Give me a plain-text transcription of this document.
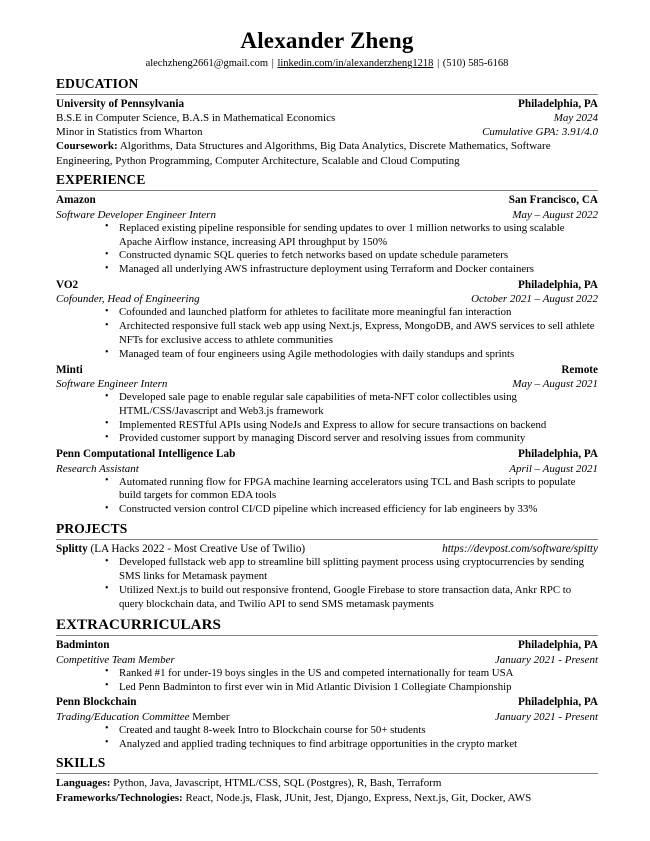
Alexander Zheng
alechzheng2661@gmail.com | linkedin.com/in/alexanderzheng1218 | (510) 585-6168
EDUCATION
University of Pennsylvania	Philadelphia, PA
B.S.E in Computer Science, B.A.S in Mathematical Economics	May 2024
Minor in Statistics from Wharton	Cumulative GPA: 3.91/4.0
Coursework: Algorithms, Data Structures and Algorithms, Big Data Analytics, Discrete Mathematics, Software Engineering, Python Programming, Computer Architecture, Scalable and Cloud Computing
EXPERIENCE
Amazon	San Francisco, CA
Software Developer Engineer Intern	May – August 2022
• Replaced existing pipeline responsible for sending updates to over 1 million networks to using scalable Apache Airflow instance, increasing API throughput by 150%
• Constructed dynamic SQL queries to fetch networks based on update schedule parameters
• Managed all underlying AWS infrastructure deployment using Terraform and Docker containers
VO2	Philadelphia, PA
Cofounder, Head of Engineering	October 2021 – August 2022
• Cofounded and launched platform for athletes to facilitate more meaningful fan interaction
• Architected responsive full stack web app using Next.js, Express, MongoDB, and AWS services to sell athlete NFTs for exclusive access to athlete communities
• Managed team of four engineers using Agile methodologies with daily standups and sprints
Minti	Remote
Software Engineer Intern	May – August 2021
• Developed sale page to enable regular sale capabilities of meta-NFT color collectibles using HTML/CSS/Javascript and Web3.js framework
• Implemented RESTful APIs using NodeJs and Express to allow for secure transactions on backend
• Provided customer support by managing Discord server and resolving issues from community
Penn Computational Intelligence Lab	Philadelphia, PA
Research Assistant	April – August 2021
• Automated running flow for FPGA machine learning accelerators using TCL and Bash scripts to populate build targets for common EDA tools
• Constructed version control CI/CD pipeline which increased efficiency for lab engineers by 33%
PROJECTS
Splitty (LA Hacks 2022 - Most Creative Use of Twilio)	https://devpost.com/software/spitty
• Developed fullstack web app to streamline bill splitting payment process using cryptocurrencies by sending SMS links for Metamask payment
• Utilized Next.js to build out responsive frontend, Google Firebase to store transaction data, Ankr RPC to query blockchain data, and Twilio API to send SMS metamask payments
EXTRACURRICULARS
Badminton	Philadelphia, PA
Competitive Team Member	January 2021 - Present
• Ranked #1 for under-19 boys singles in the US and competed internationally for team USA
• Led Penn Badminton to first ever win in Mid Atlantic Division 1 Collegiate Championship
Penn Blockchain	Philadelphia, PA
Trading/Education Committee Member	January 2021 - Present
• Created and taught 8-week Intro to Blockchain course for 50+ students
• Analyzed and applied trading techniques to find arbitrage opportunities in the crypto market
SKILLS
Languages: Python, Java, Javascript, HTML/CSS, SQL (Postgres), R, Bash, Terraform
Frameworks/Technologies: React, Node.js, Flask, JUnit, Jest, Django, Express, Next.js, Git, Docker, AWS
